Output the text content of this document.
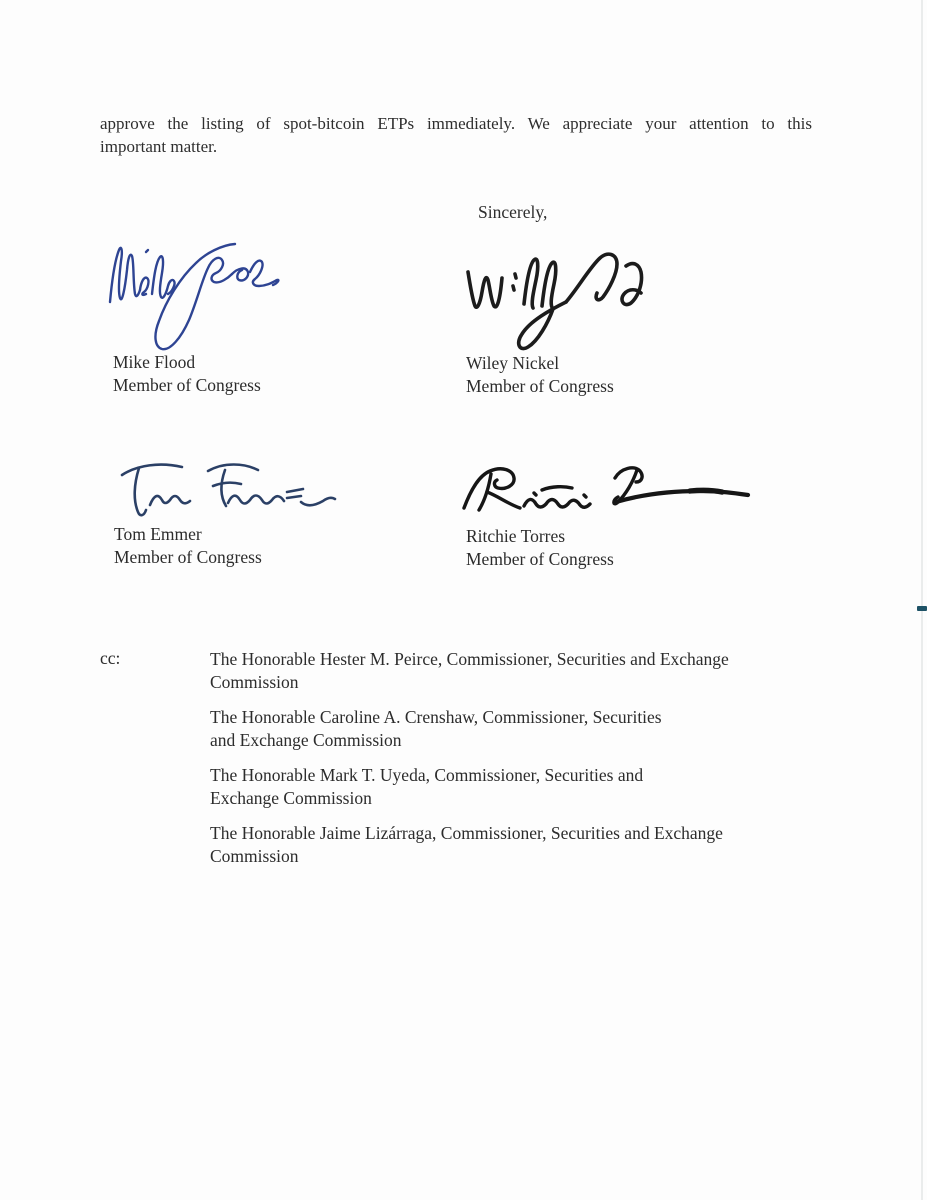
approve the listing of spot-bitcoin ETPs immediately. We appreciate your attention to this
important matter.
Sincerely,
Mike Flood
Member of Congress
Wiley Nickel
Member of Congress
Tom Emmer
Member of Congress
Ritchie Torres
Member of Congress
cc:	The Honorable Hester M. Peirce, Commissioner, Securities and Exchange
Commission
The Honorable Caroline A. Crenshaw, Commissioner, Securities
and Exchange Commission
The Honorable Mark T. Uyeda, Commissioner, Securities and
Exchange Commission
The Honorable Jaime Lizárraga, Commissioner, Securities and Exchange
Commission
